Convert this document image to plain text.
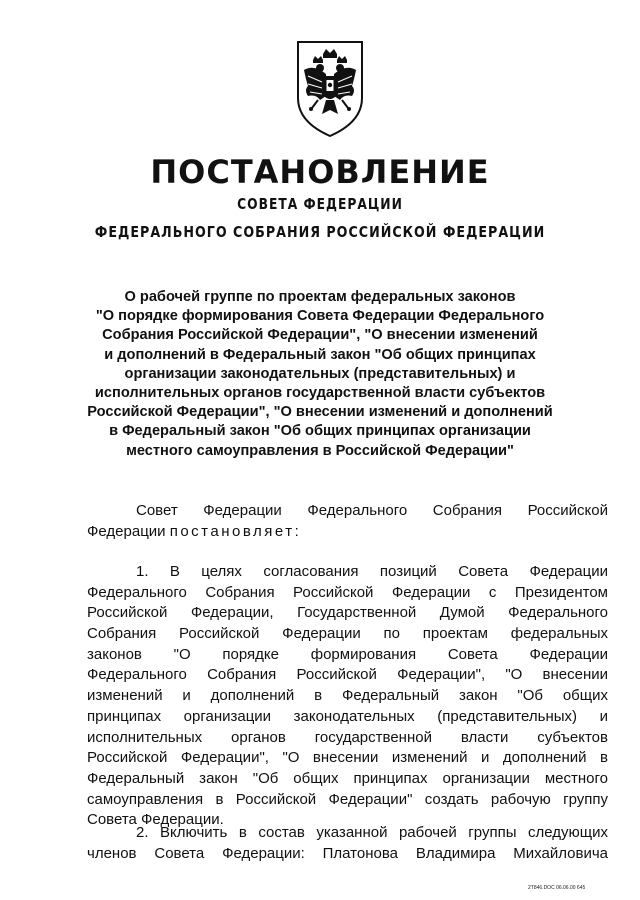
ПОСТАНОВЛЕНИЕ
СОВЕТА ФЕДЕРАЦИИ
ФЕДЕРАЛЬНОГО СОБРАНИЯ РОССИЙСКОЙ ФЕДЕРАЦИИ
О рабочей группе по проектам федеральных законов
"О порядке формирования Совета Федерации Федерального
Собрания Российской Федерации", "О внесении изменений
и дополнений в Федеральный закон "Об общих принципах
организации законодательных (представительных) и
исполнительных органов государственной власти субъектов
Российской Федерации", "О внесении изменений и дополнений
в Федеральный закон "Об общих принципах организации
местного самоуправления в Российской Федерации"
Совет Федерации Федерального Собрания Российской
Федерации постановляет:
1. В целях согласования позиций Совета Федерации
Федерального Собрания Российской Федерации с Президентом
Российской Федерации, Государственной Думой Федерального
Собрания Российской Федерации по проектам федеральных
законов "О порядке формирования Совета Федерации
Федерального Собрания Российской Федерации", "О внесении
изменений и дополнений в Федеральный закон "Об общих
принципах организации законодательных (представительных) и
исполнительных органов государственной власти субъектов
Российской Федерации", "О внесении изменений и дополнений в
Федеральный закон "Об общих принципах организации местного
самоуправления в Российской Федерации" создать рабочую группу
Совета Федерации.
2. Включить в состав указанной рабочей группы следующих
членов Совета Федерации: Платонова Владимира Михайловича
2T846.DOC 06.06.00 645
